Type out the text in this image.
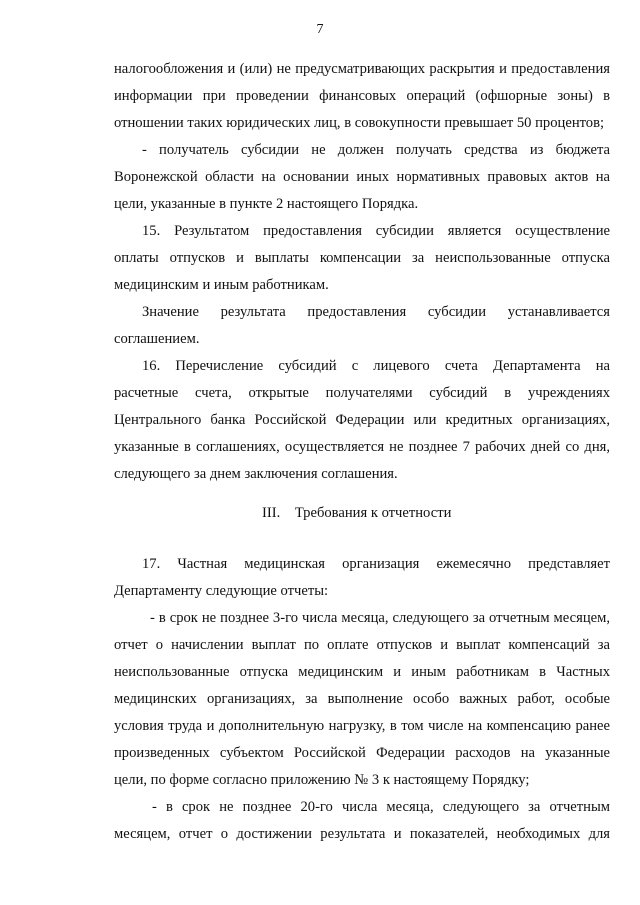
7
налогообложения и (или) не предусматривающих раскрытия и предоставления
информации при проведении финансовых операций (офшорные зоны) в
отношении таких юридических лиц, в совокупности превышает 50 процентов;
- получатель субсидии не должен получать средства из бюджета
Воронежской области на основании иных нормативных правовых актов на
цели, указанные в пункте 2 настоящего Порядка.
15. Результатом предоставления субсидии является осуществление
оплаты отпусков и выплаты компенсации за неиспользованные отпуска
медицинским и иным работникам.
Значение результата предоставления субсидии устанавливается
соглашением.
16. Перечисление субсидий с лицевого счета Департамента на
расчетные счета, открытые получателями субсидий в учреждениях
Центрального банка Российской Федерации или кредитных организациях,
указанные в соглашениях, осуществляется не позднее 7 рабочих дней со дня,
следующего за днем заключения соглашения.
III.    Требования к отчетности
17. Частная медицинская организация ежемесячно представляет
Департаменту следующие отчеты:
- в срок не позднее 3-го числа месяца, следующего за отчетным месяцем,
отчет о начислении выплат по оплате отпусков и выплат компенсаций за
неиспользованные отпуска медицинским и иным работникам в Частных
медицинских организациях, за выполнение особо важных работ, особые
условия труда и дополнительную нагрузку, в том числе на компенсацию ранее
произведенных субъектом Российской Федерации расходов на указанные
цели, по форме согласно приложению № 3 к настоящему Порядку;
- в срок не позднее 20-го числа месяца, следующего за отчетным
месяцем, отчет о достижении результата и показателей, необходимых для
